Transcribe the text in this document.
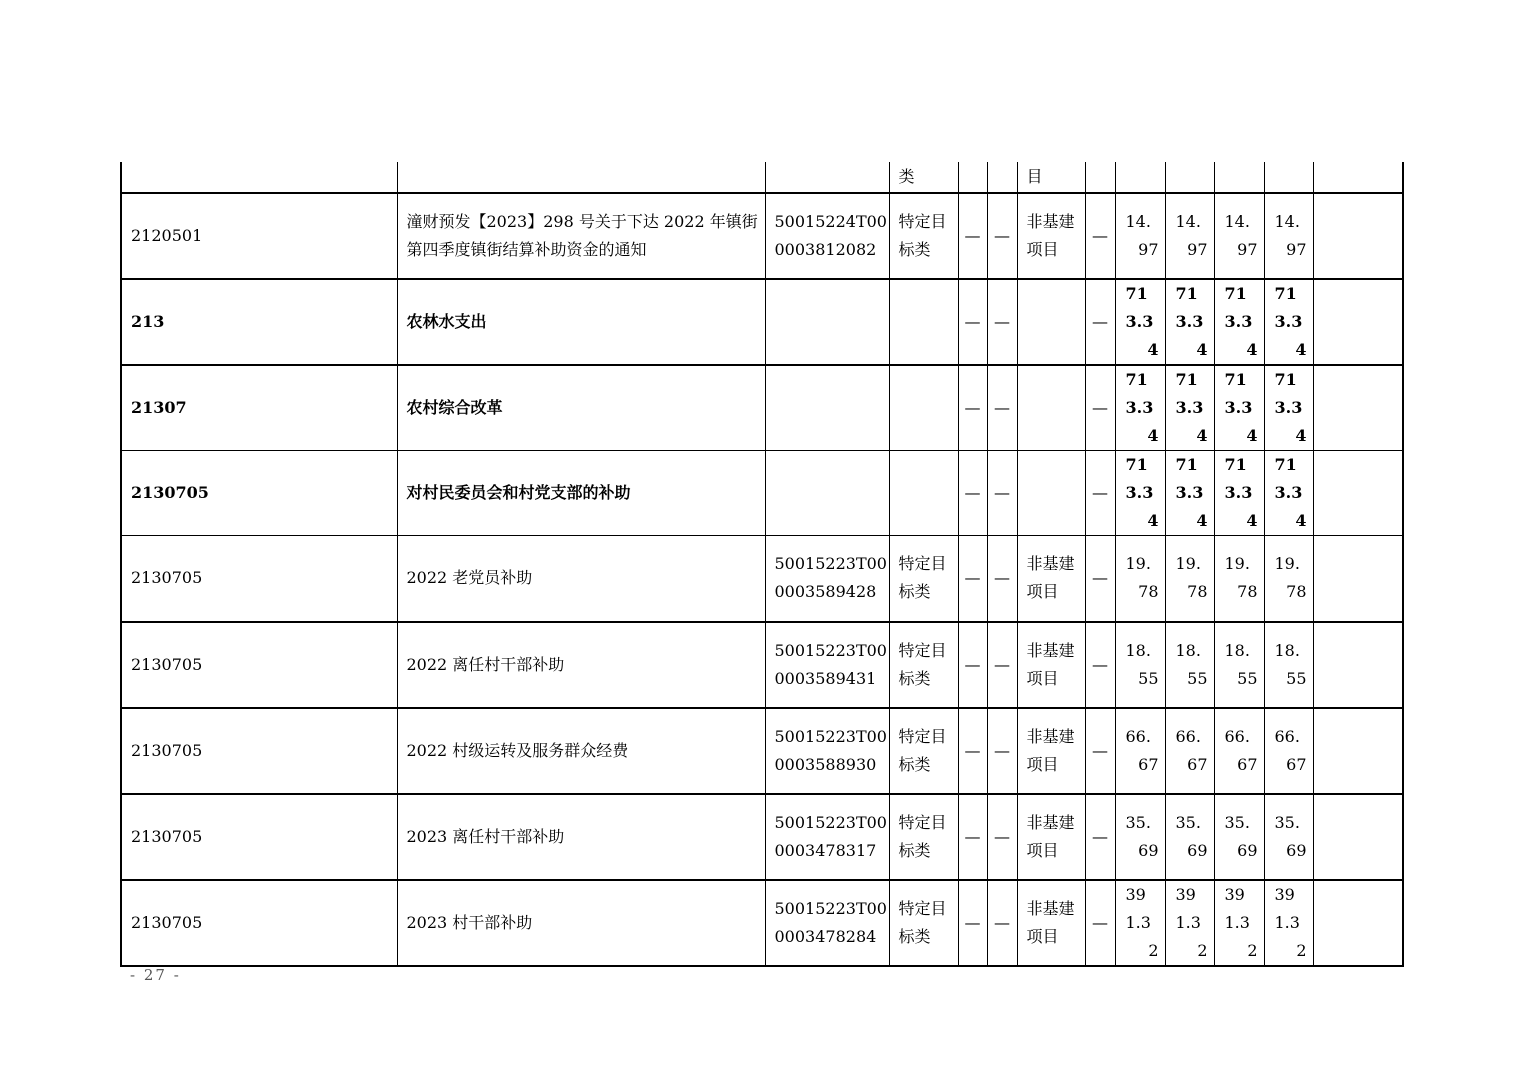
			类			目						
2120501	潼财预发【2023】298 号关于下达 2022 年镇街第四季度镇街结算补助资金的通知	50015224T000003812082	特定目标类	—	—	非基建项目	—	14.97	14.97	14.97	14.97	
213	农林水支出			—	—		—	713.34	713.34	713.34	713.34	
21307	农村综合改革			—	—		—	713.34	713.34	713.34	713.34	
2130705	对村民委员会和村党支部的补助			—	—		—	713.34	713.34	713.34	713.34	
2130705	2022 老党员补助	50015223T000003589428	特定目标类	—	—	非基建项目	—	19.78	19.78	19.78	19.78	
2130705	2022 离任村干部补助	50015223T000003589431	特定目标类	—	—	非基建项目	—	18.55	18.55	18.55	18.55	
2130705	2022 村级运转及服务群众经费	50015223T000003588930	特定目标类	—	—	非基建项目	—	66.67	66.67	66.67	66.67	
2130705	2023 离任村干部补助	50015223T000003478317	特定目标类	—	—	非基建项目	—	35.69	35.69	35.69	35.69	
2130705	2023 村干部补助	50015223T000003478284	特定目标类	—	—	非基建项目	—	391.32	391.32	391.32	391.32	
- 27 -
